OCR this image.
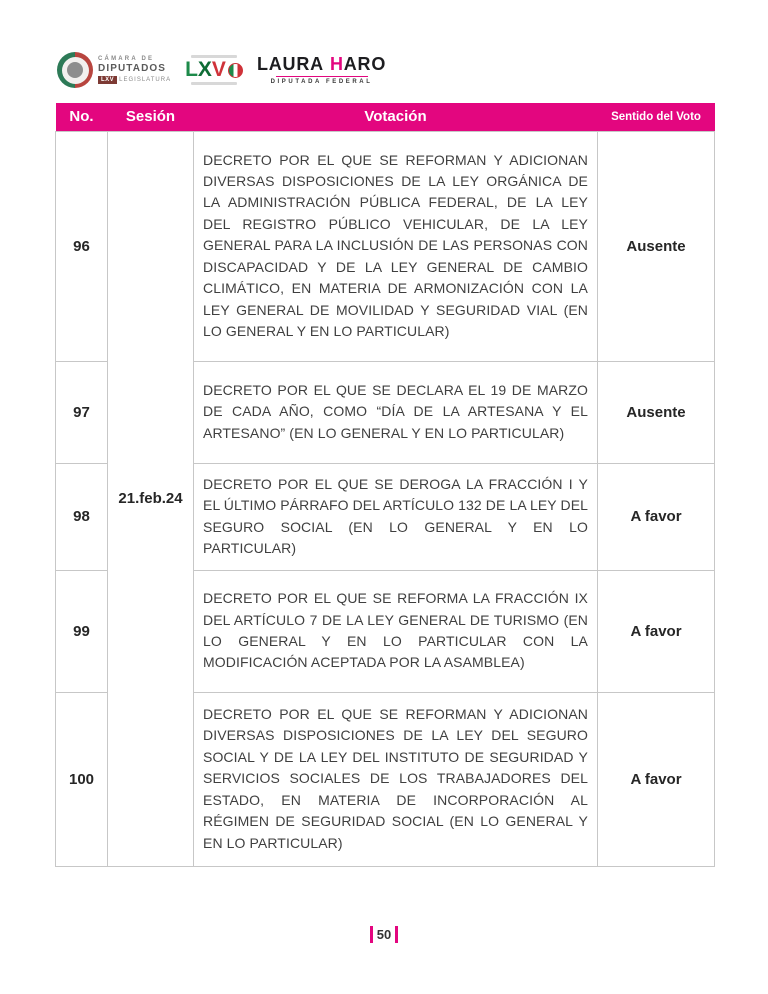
CÁMARA DE
DIPUTADOS
LXV LEGISLATURA L X V LAURA HARO
DIPUTADA FEDERAL
No.	Sesión	Votación	Sentido del Voto
96	21.feb.24	DECRETO POR EL QUE SE REFORMAN Y ADICIONAN DIVERSAS DISPOSICIONES DE LA LEY ORGÁNICA DE LA ADMINISTRACIÓN PÚBLICA FEDERAL, DE LA LEY DEL REGISTRO PÚBLICO VEHICULAR, DE LA LEY GENERAL PARA LA INCLUSIÓN DE LAS PERSONAS CON DISCAPACIDAD Y DE LA LEY GENERAL DE CAMBIO CLIMÁTICO, EN MATERIA DE ARMONIZACIÓN CON LA LEY GENERAL DE MOVILIDAD Y SEGURIDAD VIAL (EN LO GENERAL Y EN LO PARTICULAR)	Ausente
97		DECRETO POR EL QUE SE DECLARA EL 19 DE MARZO DE CADA AÑO, COMO “DÍA DE LA ARTESANA Y EL ARTESANO” (EN LO GENERAL Y EN LO PARTICULAR)	Ausente
98		DECRETO POR EL QUE SE DEROGA LA FRACCIÓN I Y EL ÚLTIMO PÁRRAFO DEL ARTÍCULO 132 DE LA LEY DEL SEGURO SOCIAL (EN LO GENERAL Y EN LO PARTICULAR)	A favor
99		DECRETO POR EL QUE SE REFORMA LA FRACCIÓN IX DEL ARTÍCULO 7 DE LA LEY GENERAL DE TURISMO (EN LO GENERAL Y EN LO PARTICULAR CON LA MODIFICACIÓN ACEPTADA POR LA ASAMBLEA)	A favor
100		DECRETO POR EL QUE SE REFORMAN Y ADICIONAN DIVERSAS DISPOSICIONES DE LA LEY DEL SEGURO SOCIAL Y DE LA LEY DEL INSTITUTO DE SEGURIDAD Y SERVICIOS SOCIALES DE LOS TRABAJADORES DEL ESTADO, EN MATERIA DE INCORPORACIÓN AL RÉGIMEN DE SEGURIDAD SOCIAL (EN LO GENERAL Y EN LO PARTICULAR)	A favor
50
